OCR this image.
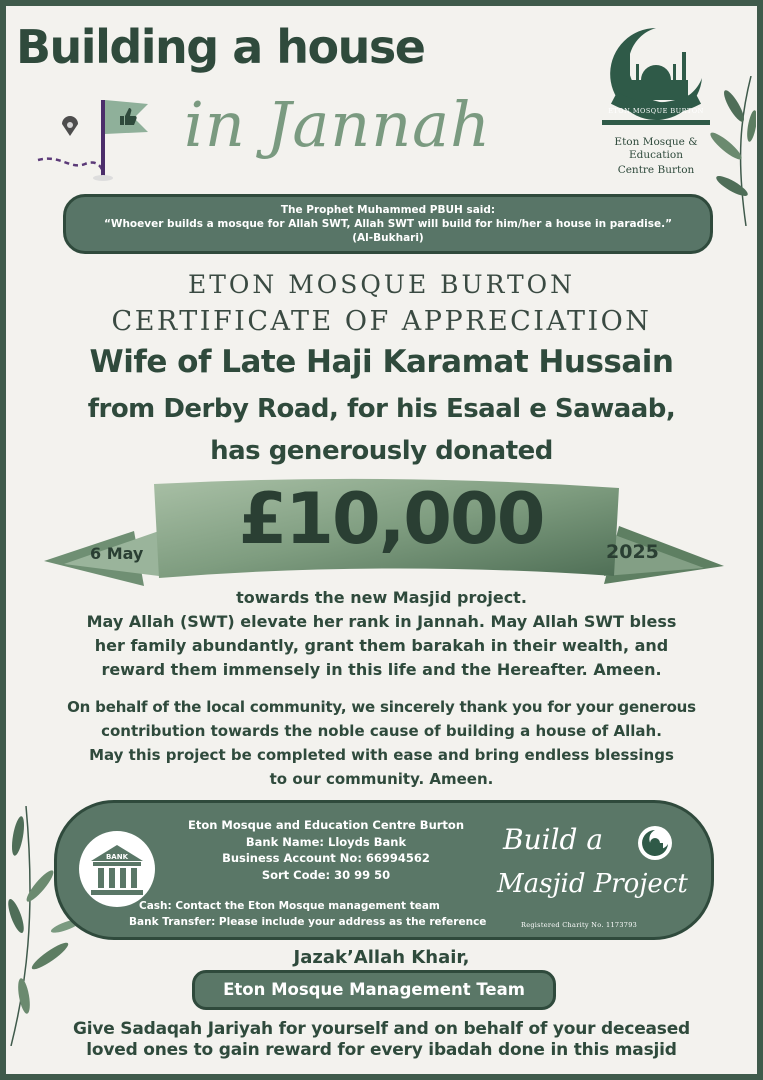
Building a house
in Jannah	ETON MOSQUE BURTON
Eton Mosque & Education
Centre Burton
The Prophet Muhammed PBUH said:
“Whoever builds a mosque for Allah SWT, Allah SWT will build for him/her a house in paradise.”
(Al-Bukhari)
ETON MOSQUE BURTON
CERTIFICATE OF APPRECIATION
Wife of Late Haji Karamat Hussain
from Derby Road, for his Esaal e Sawaab,
has generously donated
£10,000
6 May	2025
towards the new Masjid project.
May Allah (SWT) elevate her rank in Jannah. May Allah SWT bless
her family abundantly, grant them barakah in their wealth, and
reward them immensely in this life and the Hereafter. Ameen.
On behalf of the local community, we sincerely thank you for your generous
contribution towards the noble cause of building a house of Allah.
May this project be completed with ease and bring endless blessings
to our community. Ameen.
BANK
Eton Mosque and Education Centre Burton
Bank Name: Lloyds Bank
Business Account No: 66994562
Sort Code: 30 99 50
Cash: Contact the Eton Mosque management team
Bank Transfer: Please include your address as the reference
Build a
Masjid Project
Registered Charity No. 1173793
Jazak’Allah Khair,
Eton Mosque Management Team
Give Sadaqah Jariyah for yourself and on behalf of your deceased
loved ones to gain reward for every ibadah done in this masjid
